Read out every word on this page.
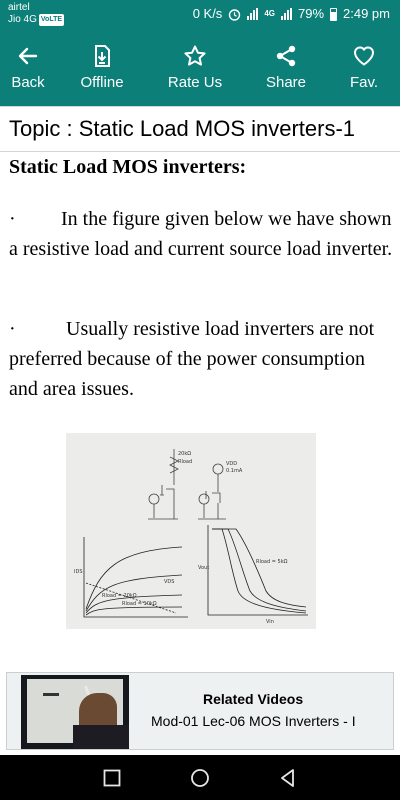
airtel
Jio 4G VoLTE	0 K/s	4G 79% 2:49 pm
Back Offline	Rate Us	Share	Fav.
Topic : Static Load MOS inverters-1
Static Load MOS inverters:
· In the figure given below we have shown a resistive load and current source load inverter.
·	Usually resistive load inverters are not preferred because of the power consumption and area issues.
20kΩ
Rload	VDD
0.1mA
IDS
VDS
Rload = 10kΩ
Rload = 20kΩ
Vout
Vin
Rload = 5kΩ
Related Videos
Mod-01 Lec-06 MOS Inverters - I
